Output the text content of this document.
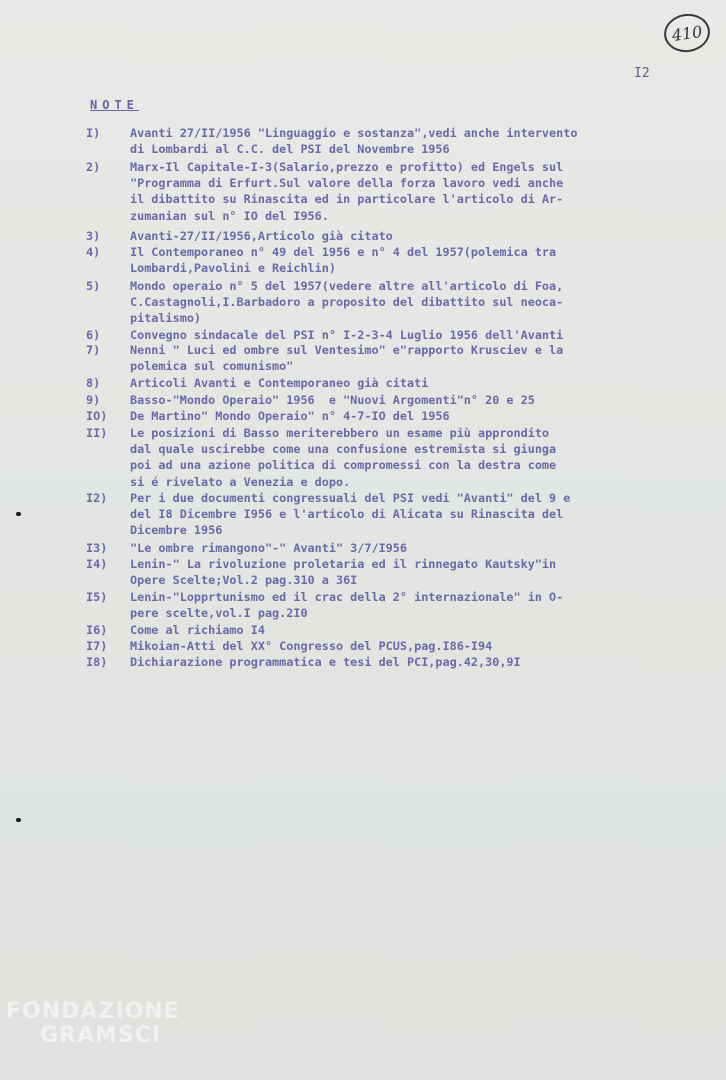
410
I2
NOTE
I)	Avanti 27/II/1956 "Linguaggio e sostanza",vedi anche intervento
di Lombardi al C.C. del PSI del Novembre 1956
2)	Marx-Il Capitale-I-3(Salario,prezzo e profitto) ed Engels sul
"Programma di Erfurt.Sul valore della forza lavoro vedi anche
il dibattito su Rinascita ed in particolare l'articolo di Ar-
zumanian sul n° IO del I956.
3)	Avanti-27/II/1956,Articolo già citato
4)	Il Contemporaneo n° 49 del 1956 e n° 4 del 1957(polemica tra
Lombardi,Pavolini e Reichlin)
5)	Mondo operaio n° 5 del 1957(vedere altre all'articolo di Foa,
C.Castagnoli,I.Barbadoro a proposito del dibattito sul neoca-
pitalismo)
6)	Convegno sindacale del PSI n° I-2-3-4 Luglio 1956 dell'Avanti
7)	Nenni " Luci ed ombre sul Ventesimo" e"rapporto Krusciev e la
polemica sul comunismo"
8)	Articoli Avanti e Contemporaneo già citati
9)	Basso-"Mondo Operaio" 1956  e "Nuovi Argomenti"n° 20 e 25
IO) De Martino" Mondo Operaio" n° 4-7-IO del 1956
II) Le posizioni di Basso meriterebbero un esame più approndito
dal quale uscirebbe come una confusione estremista si giunga
poi ad una azione politica di compromessi con la destra come
si é rivelato a Venezia e dopo.
I2) Per i due documenti congressuali del PSI vedi "Avanti" del 9 e
del I8 Dicembre I956 e l'articolo di Alicata su Rinascita del
Dicembre 1956
I3) "Le ombre rimangono"-" Avanti" 3/7/I956
I4) Lenin-" La rivoluzione proletaria ed il rinnegato Kautsky"in
Opere Scelte;Vol.2 pag.310 a 36I
I5) Lenin-"Lopprtunismo ed il crac della 2° internazionale" in O-
pere scelte,vol.I pag.2I0
I6) Come al richiamo I4
I7) Mikoian-Atti del XX° Congresso del PCUS,pag.I86-I94
I8) Dichiarazione programmatica e tesi del PCI,pag.42,30,9I
FONDAZIONE
GRAMSCI
